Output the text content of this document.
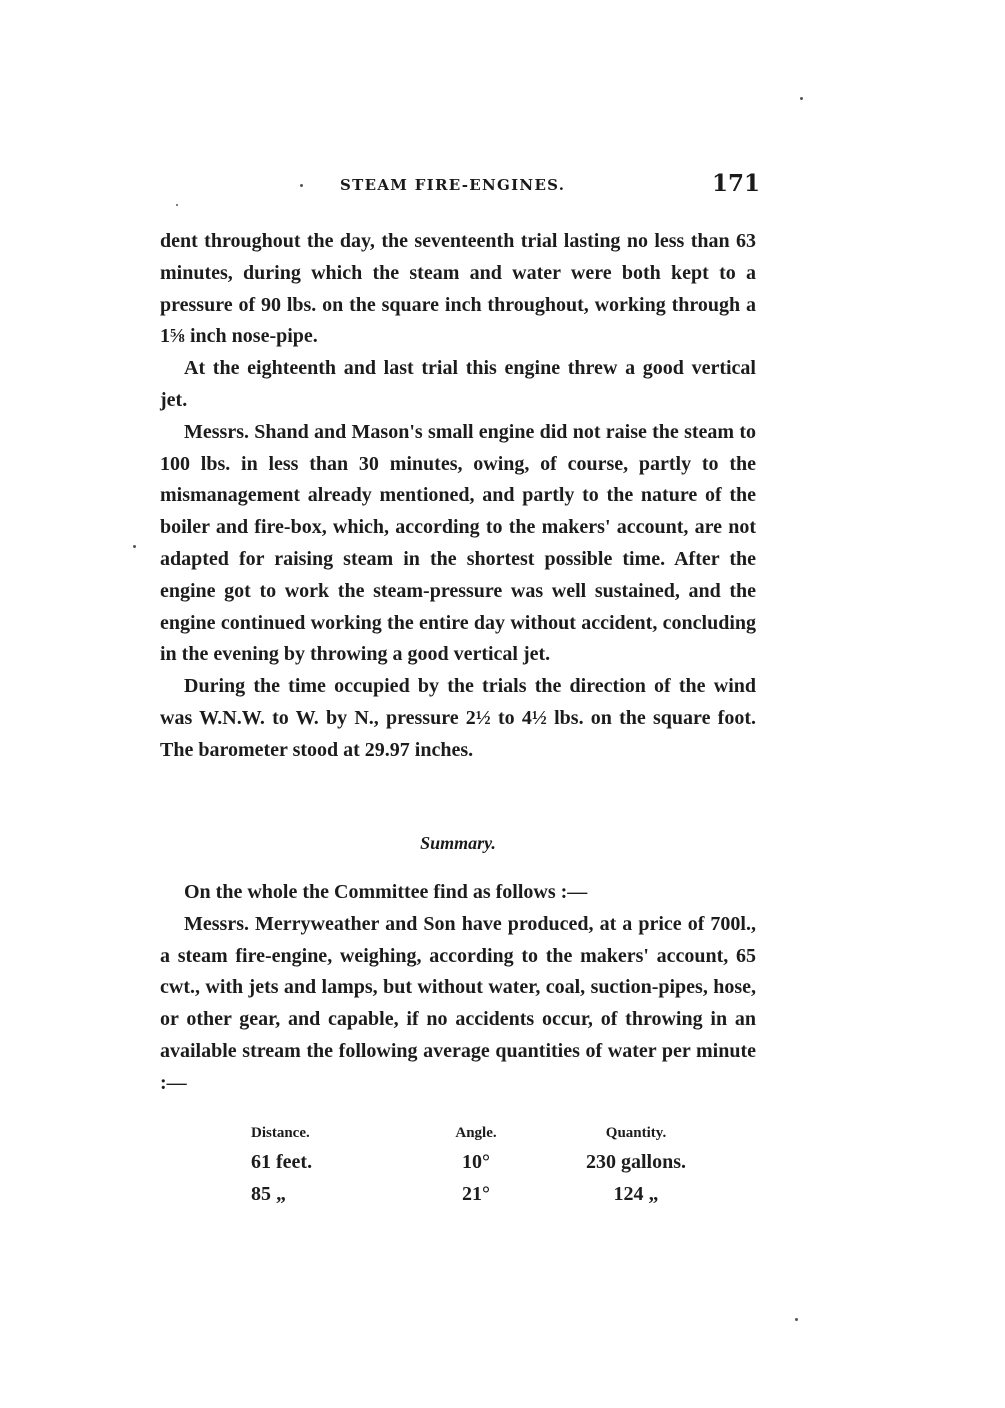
STEAM FIRE-ENGINES.	171

dent throughout the day, the seventeenth trial lasting no less than 63 minutes, during which the steam and water were both kept to a pressure of 90 lbs. on the square inch throughout, working through a 1⅝ inch nose-pipe.

At the eighteenth and last trial this engine threw a good vertical jet.

Messrs. Shand and Mason's small engine did not raise the steam to 100 lbs. in less than 30 minutes, owing, of course, partly to the mismanagement already mentioned, and partly to the nature of the boiler and fire-box, which, according to the makers' account, are not adapted for raising steam in the shortest possible time. After the engine got to work the steam-pressure was well sustained, and the engine continued working the entire day without accident, concluding in the evening by throwing a good vertical jet.

During the time occupied by the trials the direction of the wind was W.N.W. to W. by N., pressure 2½ to 4½ lbs. on the square foot. The barometer stood at 29.97 inches.

Summary.

On the whole the Committee find as follows :—

Messrs. Merryweather and Son have produced, at a price of 700l., a steam fire-engine, weighing, according to the makers' account, 65 cwt., with jets and lamps, but without water, coal, suction-pipes, hose, or other gear, and capable, if no accidents occur, of throwing in an available stream the following average quantities of water per minute :—

Distance.	Angle.	Quantity.
61 feet.	10°	230 gallons.
85 „	21°	124 „
